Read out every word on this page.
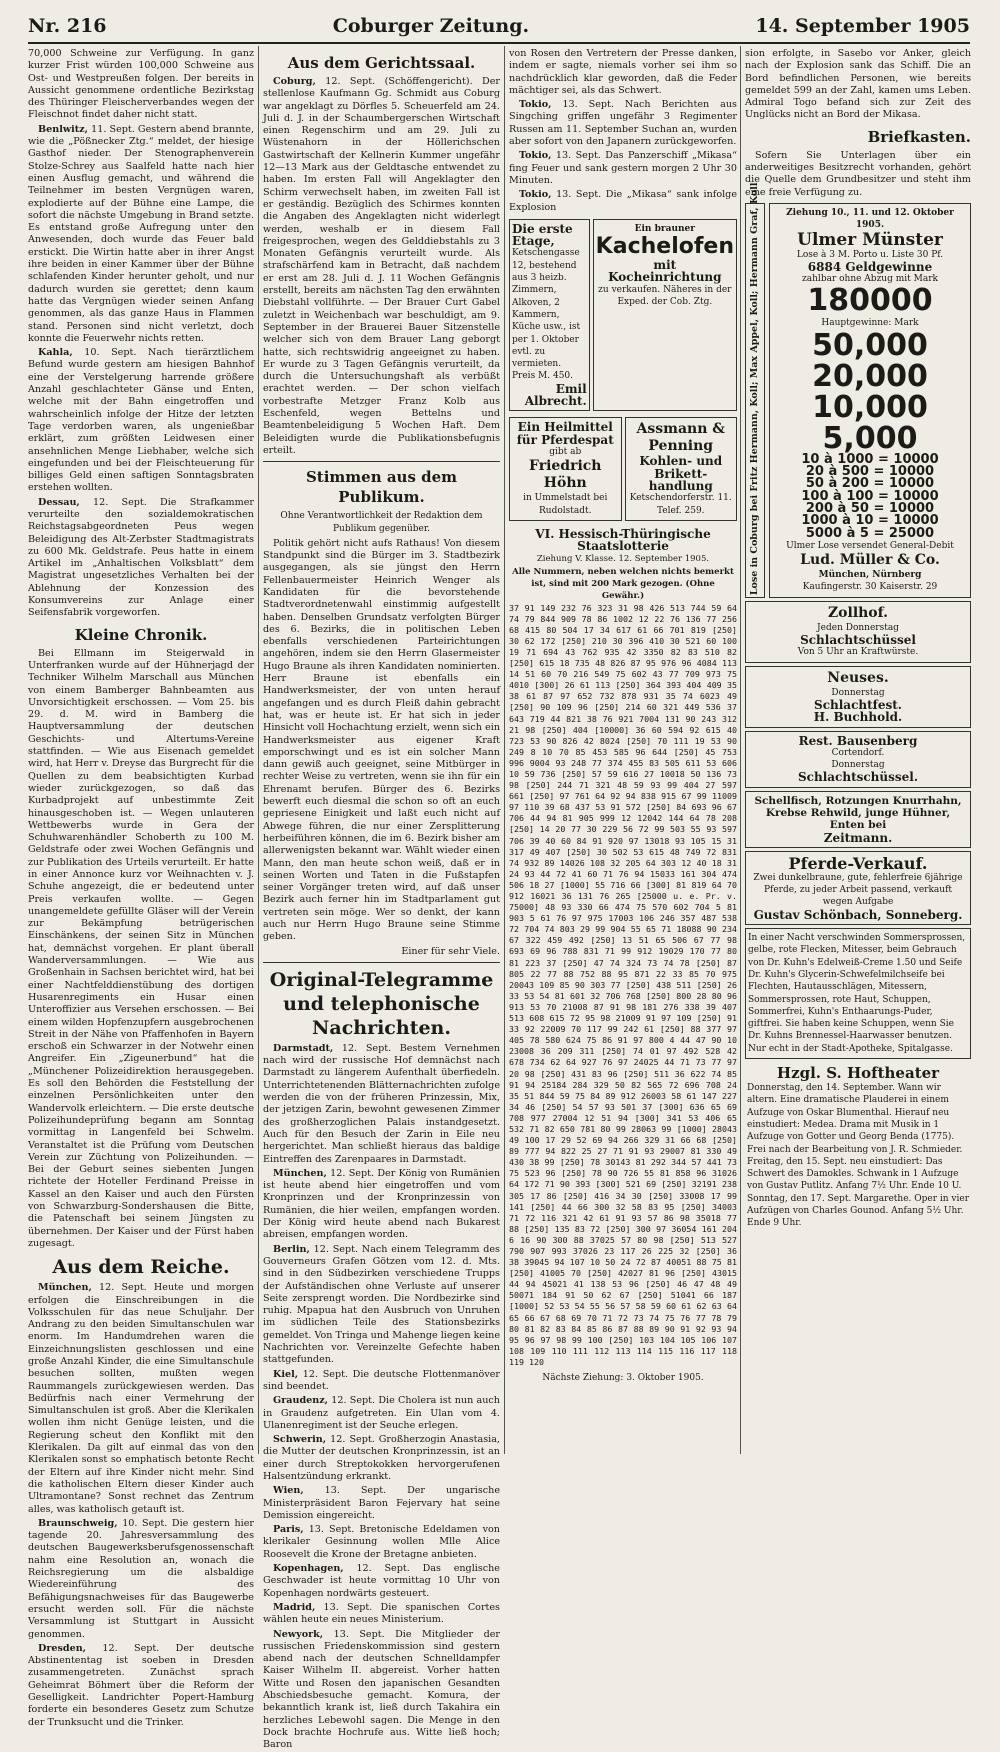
Nr. 216	Coburger Zeitung.	14. September 1905

70,000 Schweine zur Verfügung. In ganz kurzer Frist würden 100,000 Schweine aus Ost- und Westpreußen folgen. Der bereits in Aussicht genommene ordentliche Bezirkstag des Thüringer Fleischerverbandes wegen der Fleischnot findet daher nicht statt.

Benlwitz, 11. Sept. Gestern abend brannte, wie die „Pößnecker Ztg.“ meldet, der hiesige Gasthof nieder. Der Stenographenverein Stolze-Schrey aus Saalfeld hatte nach hier einen Ausflug gemacht, und während die Teilnehmer im besten Vergnügen waren, explodierte auf der Bühne eine Lampe, die sofort die nächste Umgebung in Brand setzte. Es entstand große Aufregung unter den Anwesenden, doch wurde das Feuer bald erstickt. Die Wirtin hatte aber in ihrer Angst ihre beiden in einer Kammer über der Bühne schlafenden Kinder herunter geholt, und nur dadurch wurden sie gerettet; denn kaum hatte das Vergnügen wieder seinen Anfang genommen, als das ganze Haus in Flammen stand. Personen sind nicht verletzt, doch konnte die Feuerwehr nichts retten.

Kahla, 10. Sept. Nach tierärztlichem Befund wurde gestern am hiesigen Bahnhof eine der Verstelgerung harrende größere Anzahl geschlachteter Gänse und Enten, welche mit der Bahn eingetroffen und wahrscheinlich infolge der Hitze der letzten Tage verdorben waren, als ungenießbar erklärt, zum größten Leidwesen einer ansehnlichen Menge Liebhaber, welche sich eingefunden und bei der Fleischteuerung für billiges Geld einen saftigen Sonntagsbraten erstehen wollten.

Dessau, 12. Sept. Die Strafkammer verurteilte den sozialdemokratischen Reichstagsabgeordneten Peus wegen Beleidigung des Alt-Zerbster Stadtmagistrats zu 600 Mk. Geldstrafe. Peus hatte in einem Artikel im „Anhaltischen Volksblatt“ dem Magistrat ungesetzliches Verhalten bei der Ablehnung der Konzession des Konsumvereins zur Anlage einer Seifensfabrik vorgeworfen.

Kleine Chronik.

Bei Ellmann im Steigerwald in Unterfranken wurde auf der Hühnerjagd der Techniker Wilhelm Marschall aus München von einem Bamberger Bahnbeamten aus Unvorsichtigkeit erschossen. — Vom 25. bis 29. d. M. wird in Bamberg die Hauptversammlung der deutschen Geschichts- und Altertums-Vereine stattfinden. — Wie aus Eisenach gemeldet wird, hat Herr v. Dreyse das Burgrecht für die Quellen zu dem beabsichtigten Kurbad wieder zurückgezogen, so daß das Kurbadprojekt auf unbestimmte Zeit hinausgeschoben ist. — Wegen unlauteren Wettbewerbs wurde in Gera der Schuhwarenhändler Schoberth zu 100 M. Geldstrafe oder zwei Wochen Gefängnis und zur Publikation des Urteils verurteilt. Er hatte in einer Annonce kurz vor Weihnachten v. J. Schuhe angezeigt, die er bedeutend unter Preis verkaufen wollte. — Gegen unangemeldete gefüllte Gläser will der Verein zur Bekämpfung betrügerischen Einschänkens, der seinen Sitz in München hat, demnächst vorgehen. Er plant überall Wanderversammlungen. — Wie aus Großenhain in Sachsen berichtet wird, hat bei einer Nachtfelddienstübung des dortigen Husarenregiments ein Husar einen Unteroffizier aus Versehen erschossen. — Bei einem wilden Hopfenzupfern ausgebrochenen Streit in der Nähe von Pfaffenhofen in Bayern erschoß ein Schwarzer in der Notwehr einen Angreifer. Ein „Zigeunerbund“ hat die „Münchener Polizeidirektion herausgegeben. Es soll den Behörden die Feststellung der einzelnen Persönlichkeiten unter den Wandervolk erleichtern. — Die erste deutsche Polizeihundeprüfung begann am Sonntag vormittag in Langenfeld bei Schwelm. Veranstaltet ist die Prüfung vom Deutschen Verein zur Züchtung von Polizeihunden. — Bei der Geburt seines siebenten Jungen richtete der Hoteller Ferdinand Preisse in Kassel an den Kaiser und auch den Fürsten von Schwarzburg-Sondershausen die Bitte, die Patenschaft bei seinem Jüngsten zu übernehmen. Der Kaiser und der Fürst haben zugesagt.

Aus dem Reiche.

München, 12. Sept. Heute und morgen erfolgen die Einschreibungen in die Volksschulen für das neue Schuljahr. Der Andrang zu den beiden Simultanschulen war enorm. Im Handumdrehen waren die Einzeichnungslisten geschlossen und eine große Anzahl Kinder, die eine Simultanschule besuchen sollten, mußten wegen Raummangels zurückgewiesen werden. Das Bedürfnis nach einer Vermehrung der Simultanschulen ist groß. Aber die Klerikalen wollen ihm nicht Genüge leisten, und die Regierung scheut den Konflikt mit den Klerikalen. Da gilt auf einmal das von den Klerikalen sonst so emphatisch betonte Recht der Eltern auf ihre Kinder nicht mehr. Sind die katholischen Eltern dieser Kinder auch Ultramontane? Sonst rechnet das Zentrum alles, was katholisch getauft ist.

Braunschweig, 10. Sept. Die gestern hier tagende 20. Jahresversammlung des deutschen Baugewerksberufsgenossenschaft nahm eine Resolution an, wonach die Reichsregierung um die alsbaldige Wiedereinführung des Befähigungsnachweises für das Baugewerbe ersucht werden soll. Für die nächste Versammlung ist Stuttgart in Aussicht genommen.

Dresden, 12. Sept. Der deutsche Abstinententag ist soeben in Dresden zusammengetreten. Zunächst sprach Geheimrat Böhmert über die Reform der Geselligkeit. Landrichter Popert-Hamburg forderte ein besonderes Gesetz zum Schutze der Trunksucht und die Trinker.

Aus dem Gerichtssaal.

Coburg, 12. Sept. (Schöffengericht). Der stellenlose Kaufmann Gg. Schmidt aus Coburg war angeklagt zu Dörfles 5. Scheuerfeld am 24. Juli d. J. in der Schaumbergerschen Wirtschaft einen Regenschirm und am 29. Juli zu Wüstenahorn in der Höllerichschen Gastwirtschaft der Kellnerin Kummer ungefähr 12—13 Mark aus der Geldtasche entwendet zu haben. Im ersten Fall will Angeklagter den Schirm verwechselt haben, im zweiten Fall ist er geständig. Bezüglich des Schirmes konnten die Angaben des Angeklagten nicht widerlegt werden, weshalb er in diesem Fall freigesprochen, wegen des Gelddiebstahls zu 3 Monaten Gefängnis verurteilt wurde. Als strafschärfend kam in Betracht, daß nachdem er erst am 28. Juli d. J. 11 Wochen Gefängnis erstellt, bereits am nächsten Tag den erwähnten Diebstahl vollführte. — Der Brauer Curt Gabel zuletzt in Weichenbach war beschuldigt, am 9. September in der Brauerei Bauer Sitzenstelle welcher sich von dem Brauer Lang geborgt hatte, sich rechtswidrig angeeignet zu haben. Er wurde zu 3 Tagen Gefängnis verurteilt, da durch die Untersuchungshaft als verbüßt erachtet werden. — Der schon vielfach vorbestrafte Metzger Franz Kolb aus Eschenfeld, wegen Bettelns und Beamtenbeleidigung 5 Wochen Haft. Dem Beleidigten wurde die Publikationsbefugnis erteilt.

Stimmen aus dem Publikum.
Ohne Verantwortlichkeit der Redaktion dem Publikum gegenüber.

Politik gehört nicht aufs Rathaus! Von diesem Standpunkt sind die Bürger im 3. Stadtbezirk ausgegangen, als sie jüngst den Herrn Fellenbauermeister Heinrich Wenger als Kandidaten für die bevorstehende Stadtverordnetenwahl einstimmig aufgestellt haben. Denselben Grundsatz verfolgten Bürger des 6. Bezirks, die in politischen Leben ebenfalls verschiedenen Parteirichtungen angehören, indem sie den Herrn Glasermeister Hugo Braune als ihren Kandidaten nominierten. Herr Braune ist ebenfalls ein Handwerksmeister, der von unten herauf angefangen und es durch Fleiß dahin gebracht hat, was er heute ist. Er hat sich in jeder Hinsicht voll Hochachtung erzielt, wenn sich ein Handwerksmeister aus eigener Kraft emporschwingt und es ist ein solcher Mann dann gewiß auch geeignet, seine Mitbürger in rechter Weise zu vertreten, wenn sie ihn für ein Ehrenamt berufen. Bürger des 6. Bezirks bewerft euch diesmal die schon so oft an euch gepriesene Einigkeit und laßt euch nicht auf Abwege führen, die nur einer Zersplitterung herbeiführen können, die im 6. Bezirk bisher am allerwenigsten bekannt war. Wählt wieder einen Mann, den man heute schon weiß, daß er in seinen Worten und Taten in die Fußstapfen seiner Vorgänger treten wird, auf daß unser Bezirk auch ferner hin im Stadtparlament gut vertreten sein möge. Wer so denkt, der kann auch nur Herrn Hugo Braune seine Stimme geben.

Einer für sehr Viele.

Original-Telegramme und telephonische Nachrichten.

Darmstadt, 12. Sept. Bestem Vernehmen nach wird der russische Hof demnächst nach Darmstadt zu längerem Aufenthalt überfiedeln. Unterrichtetenenden Blätternachrichten zufolge werden die von der früheren Prinzessin, Mix, der jetzigen Zarin, bewohnt gewesenen Zimmer des großherzoglichen Palais instandgesetzt. Auch für den Besuch der Zarin in Eile neu hergerichtet. Man schließt hieraus das baldige Eintreffen des Zarenpaares in Darmstadt.

München, 12. Sept. Der König von Rumänien ist heute abend hier eingetroffen und vom Kronprinzen und der Kronprinzessin von Rumänien, die hier weilen, empfangen worden. Der König wird heute abend nach Bukarest abreisen, empfangen worden.

Berlin, 12. Sept. Nach einem Telegramm des Gouverneurs Grafen Götzen vom 12. d. Mts. sind in den Südbezirken verschiedene Trupps der Aufständischen ohne Verluste auf unserer Seite zersprengt worden. Die Nordbezirke sind ruhig. Mpapua hat den Ausbruch von Unruhen im südlichen Teile des Stationsbezirks gemeldet. Von Tringa und Mahenge liegen keine Nachrichten vor. Vereinzelte Gefechte haben stattgefunden.

Kiel, 12. Sept. Die deutsche Flottenmanöver sind beendet.

Graudenz, 12. Sept. Die Cholera ist nun auch in Graudenz aufgetreten. Ein Ulan vom 4. Ulanenregiment ist der Seuche erlegen.

Schwerin, 12. Sept. Großherzogin Anastasia, die Mutter der deutschen Kronprinzessin, ist an einer durch Streptokokken hervorgerufenen Halsentzündung erkrankt.

Wien, 13. Sept. Der ungarische Ministerpräsident Baron Fejervary hat seine Demission eingereicht.

Paris, 13. Sept. Bretonische Edeldamen von klerikaler Gesinnung wollen Mlle Alice Roosevelt die Krone der Bretagne anbieten.

Kopenhagen, 12. Sept. Das englische Geschwader ist heute vormittag 10 Uhr von Kopenhagen nordwärts gesteuert.

Madrid, 13. Sept. Die spanischen Cortes wählen heute ein neues Ministerium.

Newyork, 13. Sept. Die Mitglieder der russischen Friedenskommission sind gestern abend nach der deutschen Schnelldampfer Kaiser Wilhelm II. abgereist. Vorher hatten Witte und Rosen den japanischen Gesandten Abschiedsbesuche gemacht. Komura, der bekanntlich krank ist, ließ durch Takahira ein herzliches Lebewohl sagen. Die Menge in den Dock brachte Hochrufe aus. Witte ließ hoch; Baron

von Rosen den Vertretern der Presse danken, indem er sagte, niemals vorher sei ihm so nachdrücklich klar geworden, daß die Feder mächtiger sei, als das Schwert.

Tokio, 13. Sept. Nach Berichten aus Singching griffen ungefähr 3 Regimenter Russen am 11. September Suchan an, wurden aber sofort von den Japanern zurückgeworfen.

Tokio, 13. Sept. Das Panzerschiff „Mikasa“ fing Feuer und sank gestern morgen 2 Uhr 30 Minuten.

Tokio, 13. Sept. Die „Mikasa“ sank infolge Explosion

Die erste Etage,
Ketschengasse 12, bestehend aus 3 heizb. Zimmern, Alkoven, 2 Kammern, Küche usw., ist per 1. Oktober evtl. zu vermieten. Preis M. 450.
Emil Albrecht.
Ein brauner
Kachelofen
mit Kocheinrichtung
zu verkaufen. Näheres in der Exped. der Cob. Ztg.
Ein Heilmittel für Pferdespat
gibt ab
Friedrich Höhn
in Ummelstadt bei Rudolstadt.
Assmann & Penning
Kohlen- und Brikett-handlung
Ketschendorferstr. 11. Telef. 259.
VI. Hessisch-Thüringische Staatslotterie
Ziehung V. Klasse. 12. September 1905.
Alle Nummern, neben welchen nichts bemerkt ist, sind mit 200 Mark gezogen. (Ohne Gewähr.)
37 91 149 232 76 323 31 98 426 513 744 59 64 74 79 844 909 78 86 1002 12 22 76 136 77 256 68 415 80 504 17 34 617 61 66 701 819 [250] 30 62 172 [250] 210 30 396 410 30 521 60 100 19 71 694 43 762 935 42 3350 82 83 510 82 [250] 615 18 735 48 826 87 95 976 96 4084 113 14 51 60 70 216 549 75 602 43 77 709 973 75 4010 [300] 26 61 113 [250] 364 393 404 409 35 38 61 87 97 652 732 878 931 35 74 6023 49 [250] 90 109 96 [250] 214 60 321 449 536 37 643 719 44 821 38 76 921 7004 131 90 243 312 21 98 [250] 404 [10000] 36 60 594 92 615 40 723 53 90 826 42 8024 [250] 70 111 19 53 90 249 8 10 70 85 453 585 96 644 [250] 45 753 996 9004 93 248 77 374 455 83 505 611 53 606 10 59 736 [250] 57 59 616 27 10018 50 136 73 98 [250] 244 71 321 48 59 93 99 404 27 597 661 [250] 97 761 64 92 94 838 915 67 99 11009 97 110 39 68 437 53 91 572 [250] 84 693 96 67 706 44 94 81 905 999 12 12042 144 64 78 208 [250] 14 20 77 30 229 56 72 99 503 55 93 597 706 39 40 60 84 91 920 97 13018 93 105 15 31 317 49 407 [250] 30 502 53 615 48 749 72 831 74 932 89 14026 108 32 205 64 303 12 40 18 31 24 93 44 72 41 60 71 76 94 15033 161 304 474 506 18 27 [1000] 55 716 66 [300] 81 819 64 70 912 16021 36 131 76 265 [25000 u. e. Pr. v. 75000] 48 93 330 66 474 75 570 602 704 5 81 903 5 61 76 97 975 17003 106 246 357 487 538 72 704 74 803 29 99 904 55 65 71 18088 90 234 67 322 459 492 [250] 13 51 65 506 67 77 98 693 69 96 788 831 71 99 912 19029 170 77 80 81 223 37 [250] 47 74 324 73 74 78 [250] 87 805 22 77 88 752 88 95 871 22 33 85 70 975 20043 109 85 90 303 77 [250] 438 511 [250] 26 33 53 54 81 601 32 706 768 [250] 800 28 80 96 913 53 70 21008 87 91 98 181 276 338 39 407 513 608 615 72 95 98 21009 91 97 109 [250] 91 33 92 22009 70 117 99 242 61 [250] 88 377 97 405 78 580 624 75 86 91 97 800 4 44 47 90 10 23008 36 209 311 [250] 74 01 97 492 528 42 678 734 62 64 927 76 97 24025 44 71 73 77 97 20 98 [250] 431 83 96 [250] 511 36 622 74 85 91 94 25184 284 329 50 82 565 72 696 708 24 35 51 844 59 75 84 89 912 26003 58 61 147 227 34 46 [250] 54 57 93 501 37 [300] 636 65 69 708 977 27004 12 51 94 [300] 341 53 406 65 532 71 82 650 781 80 99 28063 99 [1000] 28043 49 100 17 29 52 69 94 266 329 31 66 68 [250] 89 777 94 822 25 27 71 91 93 29007 81 330 49 430 38 99 [250] 78 30143 81 292 344 57 441 73 75 523 96 [250] 78 90 726 55 81 858 96 31026 64 172 71 90 393 [300] 521 69 [250] 32191 238 305 17 86 [250] 416 34 30 [250] 33008 17 99 141 [250] 44 66 300 32 58 83 95 [250] 34003 71 72 116 321 42 61 91 93 57 86 98 35018 77 88 [250] 135 83 72 [250] 300 97 36054 161 204 6 16 90 300 88 37025 57 80 98 [250] 513 527 790 907 993 37026 23 117 26 225 32 [250] 36 38 39045 94 107 10 50 24 72 87 40051 88 75 81 [250] 41005 70 [250] 42027 81 96 [250] 43015 44 94 45021 41 138 53 96 [250] 46 47 48 49 50071 184 91 50 62 67 [250] 51041 66 187 [1000] 52 53 54 55 56 57 58 59 60 61 62 63 64 65 66 67 68 69 70 71 72 73 74 75 76 77 78 79 80 81 82 83 84 85 86 87 88 89 90 91 92 93 94 95 96 97 98 99 100 [250] 103 104 105 106 107 108 109 110 111 112 113 114 115 116 117 118 119 120
Nächste Ziehung: 3. Oktober 1905.

sion erfolgte, in Sasebo vor Anker, gleich nach der Explosion sank das Schiff. Die an Bord befindlichen Personen, wie bereits gemeldet 599 an der Zahl, kamen ums Leben. Admiral Togo befand sich zur Zeit des Unglücks nicht an Bord der Mikasa.

Briefkasten.

Sofern Sie Unterlagen über ein anderweitiges Besitzrecht vorhanden, gehört die Quelle dem Grundbesitzer und steht ihm eine freie Verfügung zu.

Lose in Coburg bei Fritz Hermann, Koll; Max Appel, Koll; Hermann Graf, Koll	Ziehung 10., 11. und 12. Oktober 1905.
Ulmer Münster
Lose à 3 M. Porto u. Liste 30 Pf.
6884 Geldgewinne
zahlbar ohne Abzug mit Mark
180000
Hauptgewinne: Mark
50,000
20,000
10,000
5,000
10 à 1000 = 10000
20 à 500 = 10000
50 à 200 = 10000
100 à 100 = 10000
200 à 50 = 10000
1000 à 10 = 10000
5000 à 5 = 25000
Ulmer Lose versendet General-Debit
Lud. Müller & Co.
München, Nürnberg
Kaufingerstr. 30 Kaiserstr. 29
Zollhof.
Jeden Donnerstag
Schlachtschüssel
Von 5 Uhr an Kraftwürste.
Neuses.
Donnerstag
Schlachtfest.
H. Buchhold.
Rest. Bausenberg
Cortendorf.
Donnerstag
Schlachtschüssel.
Schellfisch, Rotzungen Knurrhahn, Krebse Rehwild, junge Hühner, Enten bei
Zeitmann.
Pferde-Verkauf.
Zwei dunkelbraune, gute, fehlerfreie 6jährige Pferde, zu jeder Arbeit passend, verkauft wegen Aufgabe
Gustav Schönbach, Sonneberg.
In einer Nacht verschwinden Sommersprossen, gelbe, rote Flecken, Mitesser, beim Gebrauch von Dr. Kuhn's Edelweiß-Creme 1.50 und Seife Dr. Kuhn's Glycerin-Schwefelmilchseife bei Flechten, Hautausschlägen, Mitessern, Sommersprossen, rote Haut, Schuppen, Sommerfrei, Kuhn's Enthaarungs-Puder, giftfrei. Sie haben keine Schuppen, wenn Sie Dr. Kuhns Brennessel-Haarwasser benutzen. Nur echt in der Stadt-Apotheke, Spitalgasse.
Hzgl. S. Hoftheater
Donnerstag, den 14. September. Wann wir altern. Eine dramatische Plauderei in einem Aufzuge von Oskar Blumenthal. Hierauf neu einstudiert: Medea. Drama mit Musik in 1 Aufzuge von Gotter und Georg Benda (1775). Frei nach der Bearbeitung von J. R. Schmieder.
Freitag, den 15. Sept. neu einstudiert: Das Schwert des Damokles. Schwank in 1 Aufzuge von Gustav Putlitz. Anfang 7½ Uhr. Ende 10 U.
Sonntag, den 17. Sept. Margarethe. Oper in vier Aufzügen von Charles Gounod. Anfang 5½ Uhr. Ende 9 Uhr.
